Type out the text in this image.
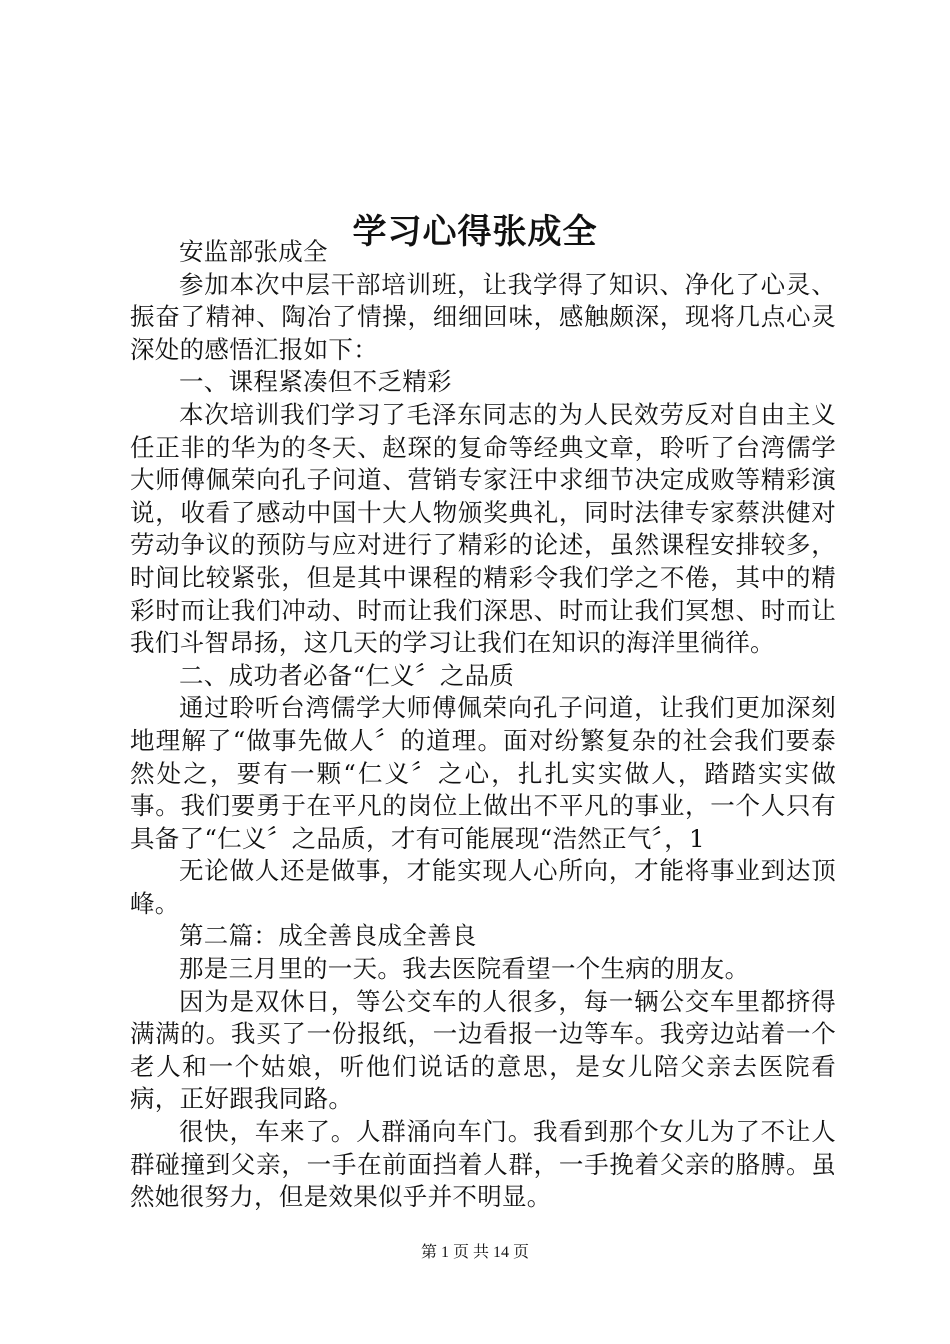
学习心得张成全

安监部张成全

参加本次中层干部培训班，让我学得了知识、净化了心灵、振奋了精神、陶冶了情操，细细回味，感触颇深，现将几点心灵深处的感悟汇报如下：

一、课程紧凑但不乏精彩

本次培训我们学习了毛泽东同志的为人民效劳反对自由主义任正非的华为的冬天、赵琛的复命等经典文章，聆听了台湾儒学大师傅佩荣向孔子问道、营销专家汪中求细节决定成败等精彩演说，收看了感动中国十大人物颁奖典礼，同时法律专家蔡洪健对劳动争议的预防与应对进行了精彩的论述，虽然课程安排较多，时间比较紧张，但是其中课程的精彩令我们学之不倦，其中的精彩时而让我们冲动、时而让我们深思、时而让我们冥想、时而让我们斗智昂扬，这几天的学习让我们在知识的海洋里徜徉。

二、成功者必备“仁义〞之品质

通过聆听台湾儒学大师傅佩荣向孔子问道，让我们更加深刻地理解了“做事先做人〞的道理。面对纷繁复杂的社会我们要泰然处之，要有一颗“仁义〞之心，扎扎实实做人，踏踏实实做事。我们要勇于在平凡的岗位上做出不平凡的事业，一个人只有具备了“仁义〞之品质，才有可能展现“浩然正气〞，1

无论做人还是做事，才能实现人心所向，才能将事业到达顶峰。

第二篇：成全善良成全善良

那是三月里的一天。我去医院看望一个生病的朋友。

因为是双休日，等公交车的人很多，每一辆公交车里都挤得满满的。我买了一份报纸，一边看报一边等车。我旁边站着一个老人和一个姑娘，听他们说话的意思，是女儿陪父亲去医院看病，正好跟我同路。

很快，车来了。人群涌向车门。我看到那个女儿为了不让人群碰撞到父亲，一手在前面挡着人群，一手挽着父亲的胳膊。虽然她很努力，但是效果似乎并不明显。

第 1 页 共 14 页
